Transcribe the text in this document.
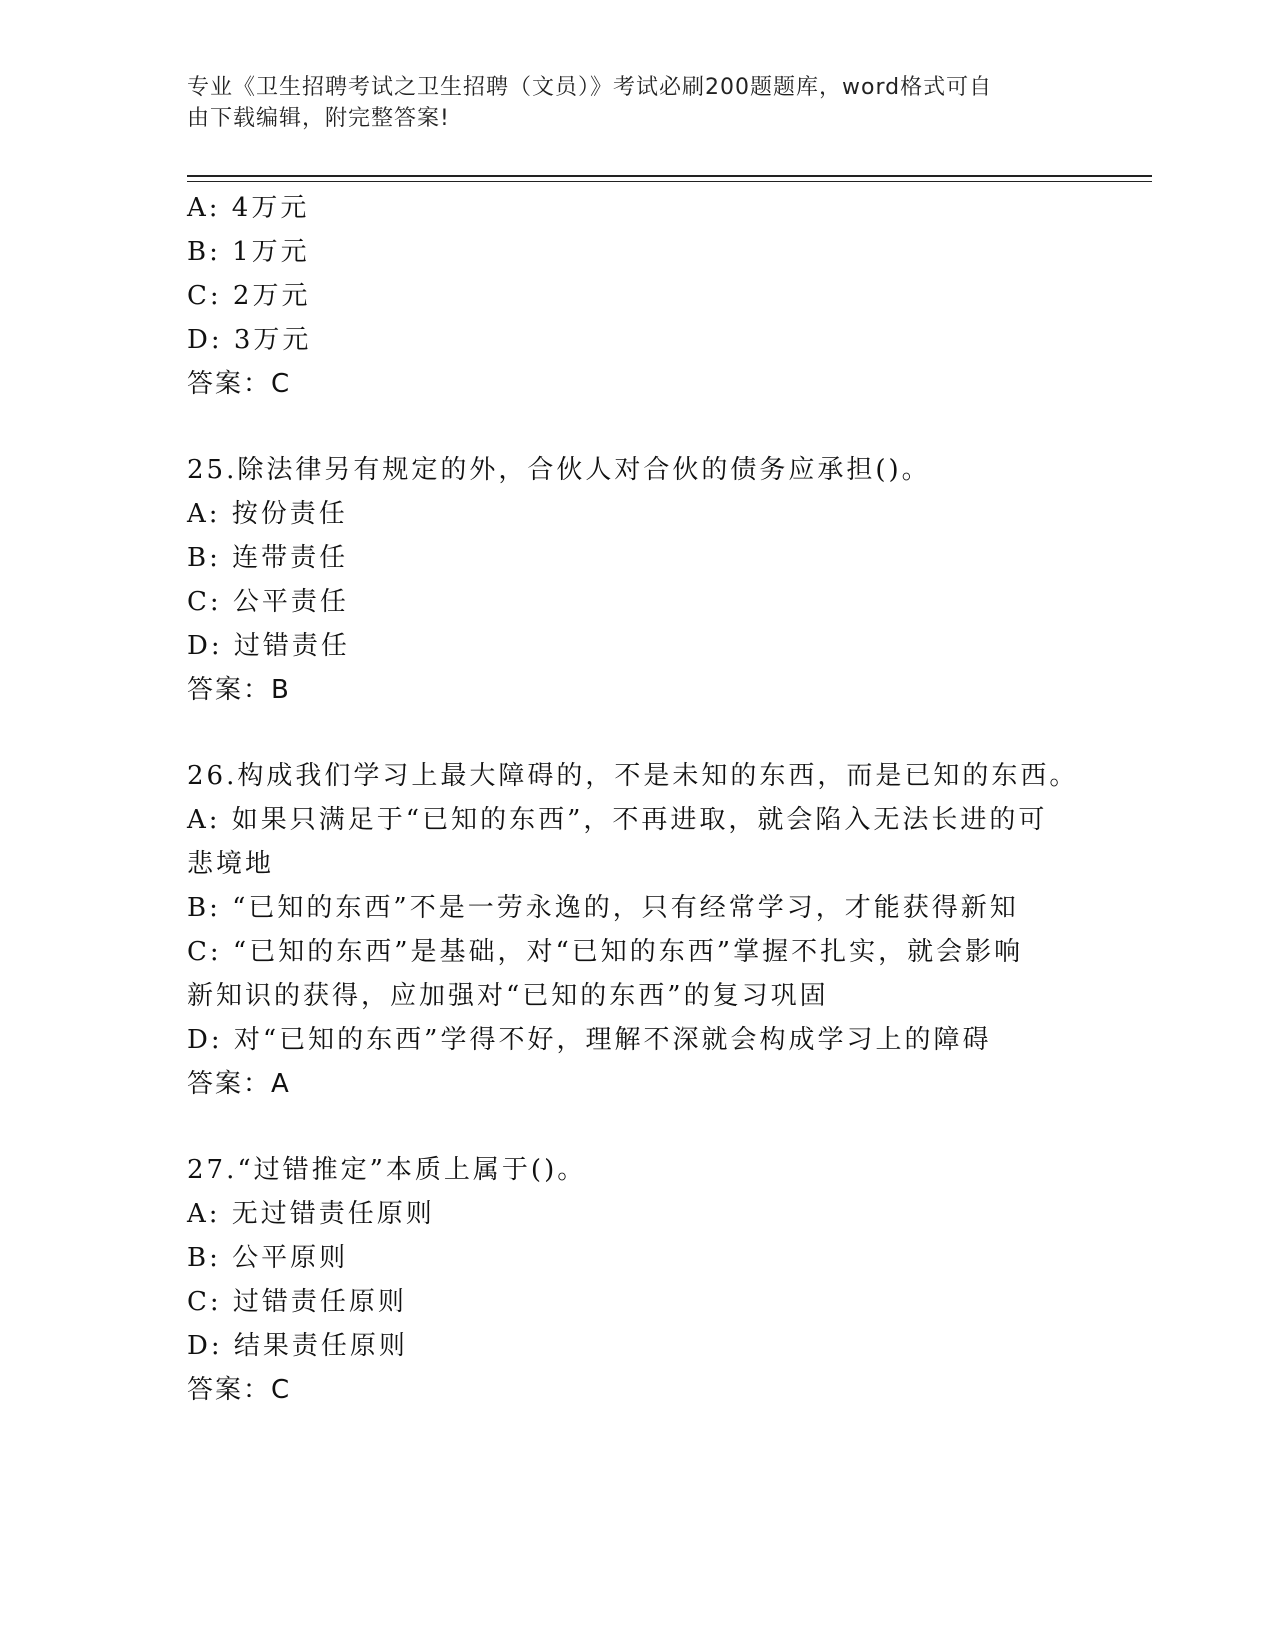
专业《卫生招聘考试之卫生招聘（文员）》考试必刷200题题库，word格式可自
由下载编辑，附完整答案!
A: 4万元
B: 1万元
C: 2万元
D: 3万元
答案：C
25.除法律另有规定的外，合伙人对合伙的债务应承担()。
A: 按份责任
B: 连带责任
C: 公平责任
D: 过错责任
答案：B
26.构成我们学习上最大障碍的，不是未知的东西，而是已知的东西。
A: 如果只满足于“已知的东西”，不再进取，就会陷入无法长进的可
悲境地
B: “已知的东西”不是一劳永逸的，只有经常学习，才能获得新知
C: “已知的东西”是基础，对“已知的东西”掌握不扎实，就会影响
新知识的获得，应加强对“已知的东西”的复习巩固
D: 对“已知的东西”学得不好，理解不深就会构成学习上的障碍
答案：A
27.“过错推定”本质上属于()。
A: 无过错责任原则
B: 公平原则
C: 过错责任原则
D: 结果责任原则
答案：C
